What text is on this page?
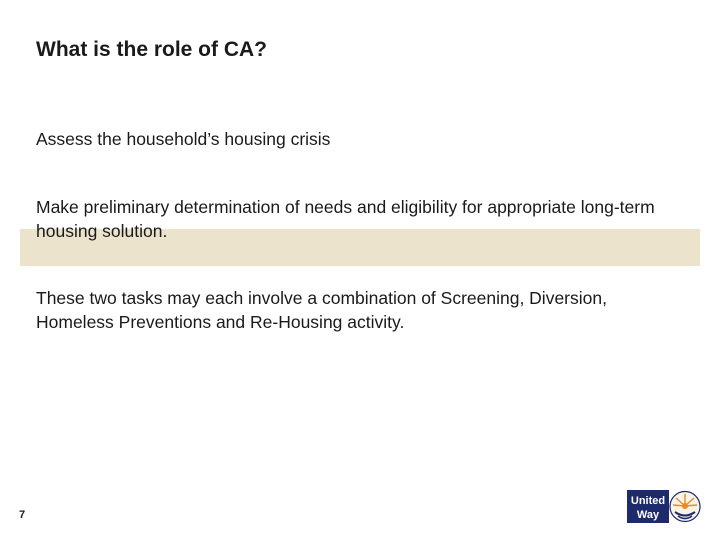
What is the role of CA?
Assess the household’s housing crisis
Make preliminary determination of needs and eligibility for appropriate long-term housing solution.
These two tasks may each involve a combination of Screening, Diversion, Homeless Preventions and Re-Housing activity.
7
United
Way
